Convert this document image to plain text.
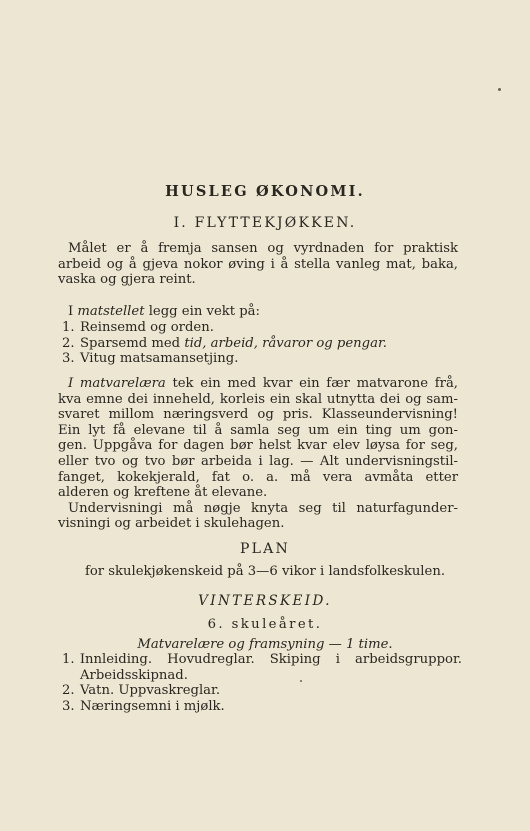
HUSLEG ØKONOMI.
I. FLYTTEKJØKKEN.
Målet er å fremja sansen og vyrdnaden for praktisk
arbeid og å gjeva nokor øving i å stella vanleg mat, baka,
vaska og gjera reint.
I matstellet legg ein vekt på:
1. Reinsemd og orden.
2. Sparsemd med
tid, arbeid, råvaror og pengar.
3. Vitug matsamansetjing.
I matvarelæra tek ein med kvar ein fær matvarone frå,
kva emne dei inneheld, korleis ein skal utnytta dei og sam-
svaret millom næringsverd og pris. Klasseundervisning!
Ein lyt få elevane til å samla seg um ein ting um gon-
gen. Uppgåva for dagen bør helst kvar elev løysa for seg,
eller tvo og tvo bør arbeida i lag. — Alt undervisningstil-
fanget, kokekjerald, fat o. a. må vera avmåta etter
alderen og kreftene åt elevane.
Undervisningi må nøgje knyta seg til naturfagunder-
visningi og arbeidet i skulehagen.
PLAN
for skulekjøkenskeid på 3—6 vikor i landsfolkeskulen.
VINTERSKEID.
6. skuleåret.
Matvarelære og framsyning — 1 time.
1. Innleiding. Hovudreglar. Skiping i arbeidsgruppor.
Arbeidsskipnad.
2. Vatn. Uppvaskreglar.
3. Næringsemni i mjølk.
